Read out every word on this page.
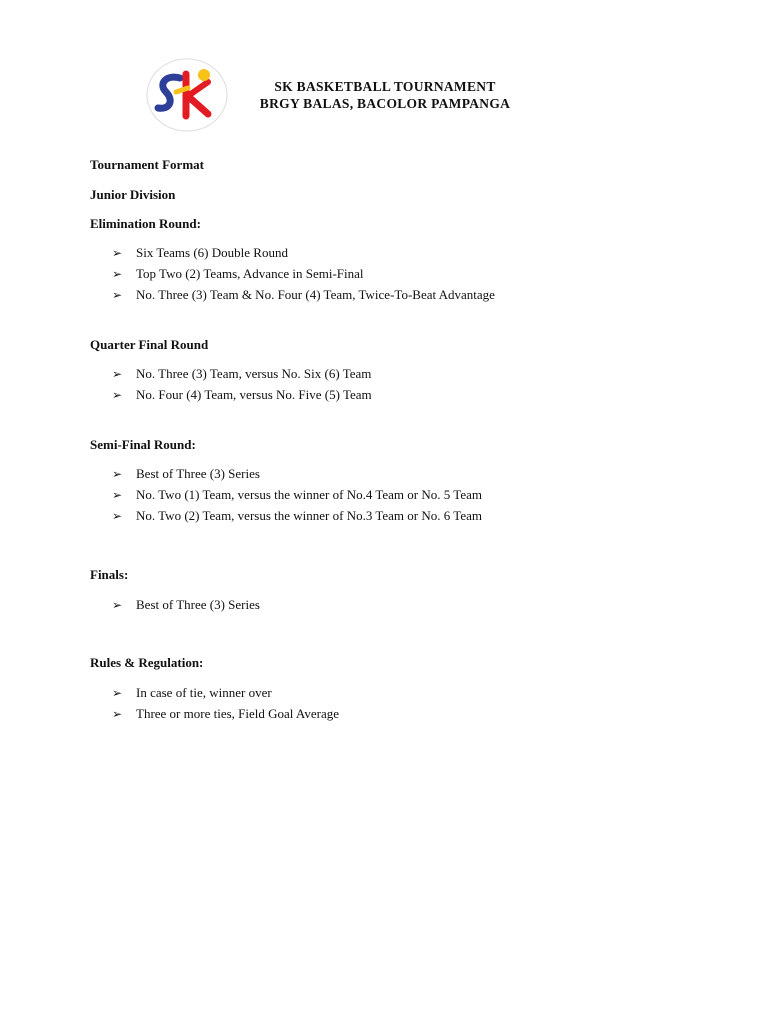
SK BASKETBALL TOURNAMENT
BRGY BALAS, BACOLOR PAMPANGA
Tournament Format
Junior Division
Elimination Round:
➢ Six Teams (6) Double Round
➢ Top Two (2) Teams, Advance in Semi-Final
➢ No. Three (3) Team & No. Four (4) Team, Twice-To-Beat Advantage
Quarter Final Round
➢ No. Three (3) Team, versus No. Six (6) Team
➢ No. Four (4) Team, versus No. Five (5) Team
Semi-Final Round:
➢ Best of Three (3) Series
➢ No. Two (1) Team, versus the winner of No.4 Team or No. 5 Team
➢ No. Two (2) Team, versus the winner of No.3 Team or No. 6 Team
Finals:
➢ Best of Three (3) Series
Rules & Regulation:
➢ In case of tie, winner over
➢ Three or more ties, Field Goal Average
